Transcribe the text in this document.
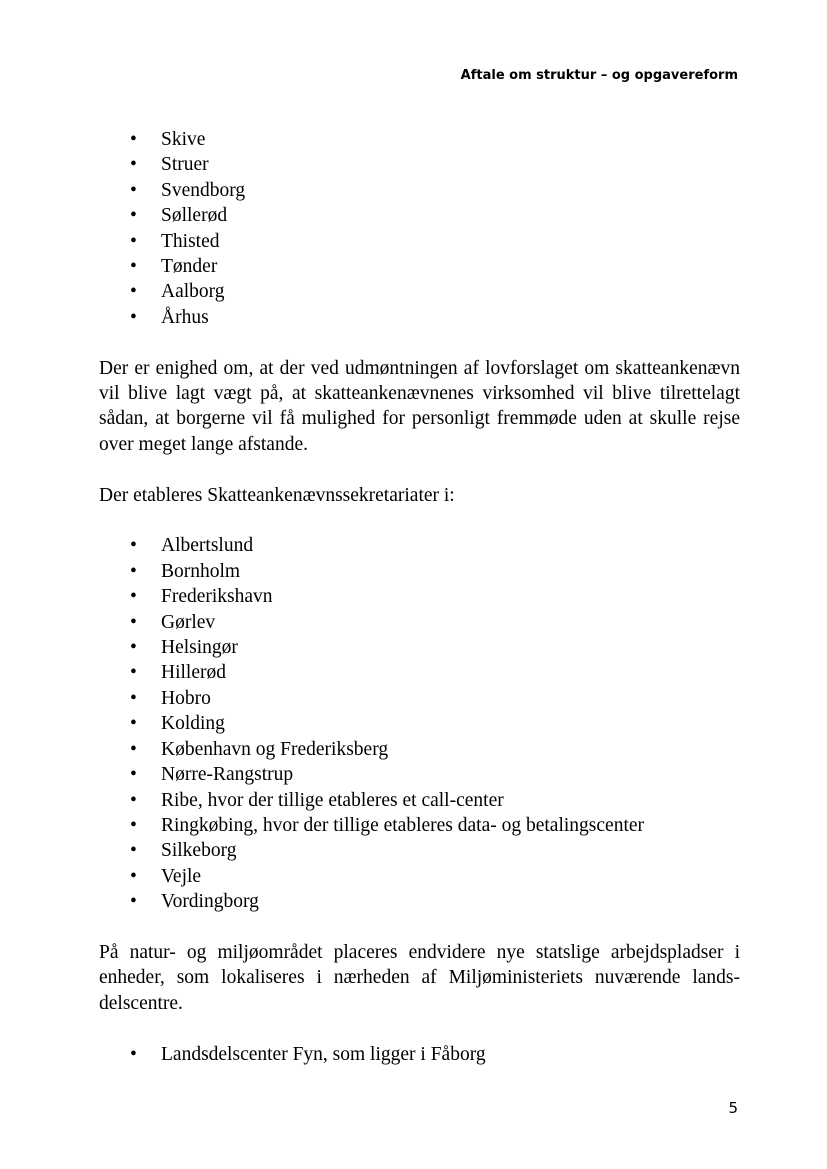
Aftale om struktur – og opgavereform
• Skive
• Struer
• Svendborg
• Søllerød
• Thisted
• Tønder
• Aalborg
• Århus

Der er enighed om, at der ved udmøntningen af lovforslaget om skatteankenævn vil blive lagt vægt på, at skatteankenævnenes virksomhed vil blive tilrettelagt sådan, at borgerne vil få mulighed for personligt fremmøde uden at skulle rejse over meget lange afstande.

Der etableres Skatteankenævnssekretariater i:

• Albertslund
• Bornholm
• Frederikshavn
• Gørlev
• Helsingør
• Hillerød
• Hobro
• Kolding
• København og Frederiksberg
• Nørre-Rangstrup
• Ribe, hvor der tillige etableres et call-center
• Ringkøbing, hvor der tillige etableres data- og betalingscenter
• Silkeborg
• Vejle
• Vordingborg

På natur- og miljøområdet placeres endvidere nye statslige arbejdspladser i enheder, som lokaliseres i nærheden af Miljøministeriets nuværende landsdelscentre.

• Landsdelscenter Fyn, som ligger i Fåborg
5
